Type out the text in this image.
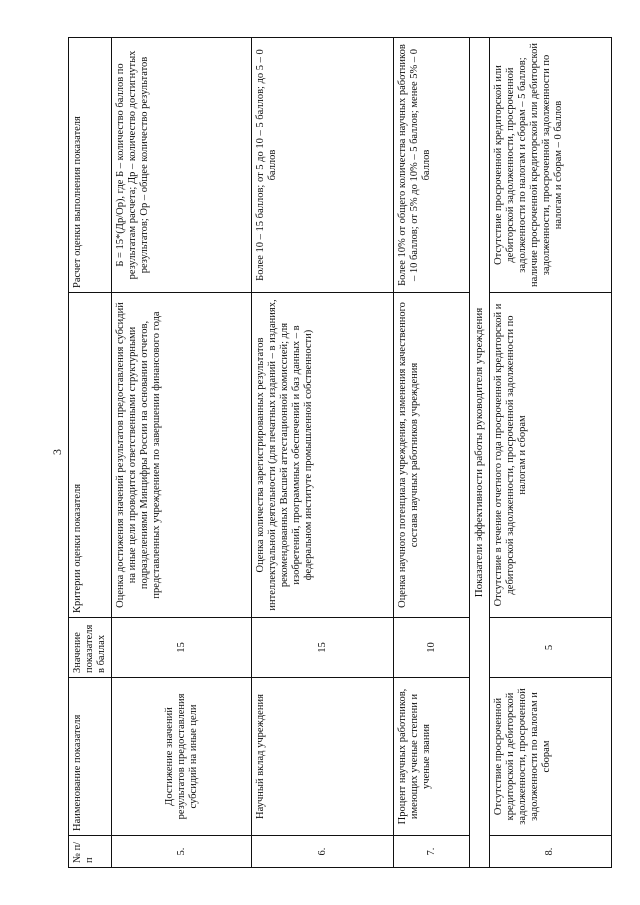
3
№ п/п	Наименование показателя	Значение показателя в баллах	Критерии оценки показателя	Расчет оценки выполнения показателя
5.	Достижение значений результатов предоставления субсидий на иные цели	15	Оценка достижения значений результатов предоставления субсидий на иные цели проводится ответственными структурными подразделениями Минцифры России на основании отчетов, представленных учреждением по завершении финансового года	Б = 15*(Др/Ор), где Б – количество баллов по результатам расчета; Др – количество достигнутых результатов; Ор – общее количество результатов
6.	Научный вклад учреждения	15	Оценка количества зарегистрированных результатов интеллектуальной деятельности (для печатных изданий – в изданиях, рекомендованных Высшей аттестационной комиссией; для изобретений, программных обеспечений и баз данных – в федеральном институте промышленной собственности)	Более 10 – 15 баллов; от 5 до 10 – 5 баллов; до 5 – 0 баллов
7.	Процент научных работников, имеющих ученые степени и ученые звания	10	Оценка научного потенциала учреждения, изменения качественного состава научных работников учреждения	Более 10% от общего количества научных работников – 10 баллов; от 5% до 10% – 5 баллов; менее 5% – 0 баллов
Показатели эффективности работы руководителя учреждения				
8.	Отсутствие просроченной кредиторской и дебиторской задолженности, просроченной задолженности по налогам и сборам	5	Отсутствие в течение отчетного года просроченной кредиторской и дебиторской задолженности, просроченной задолженности по налогам и сборам	Отсутствие просроченной кредиторской или дебиторской задолженности, просроченной задолженности по налогам и сборам – 5 баллов; наличие просроченной кредиторской или дебиторской задолженности, просроченной задолженности по налогам и сборам – 0 баллов
